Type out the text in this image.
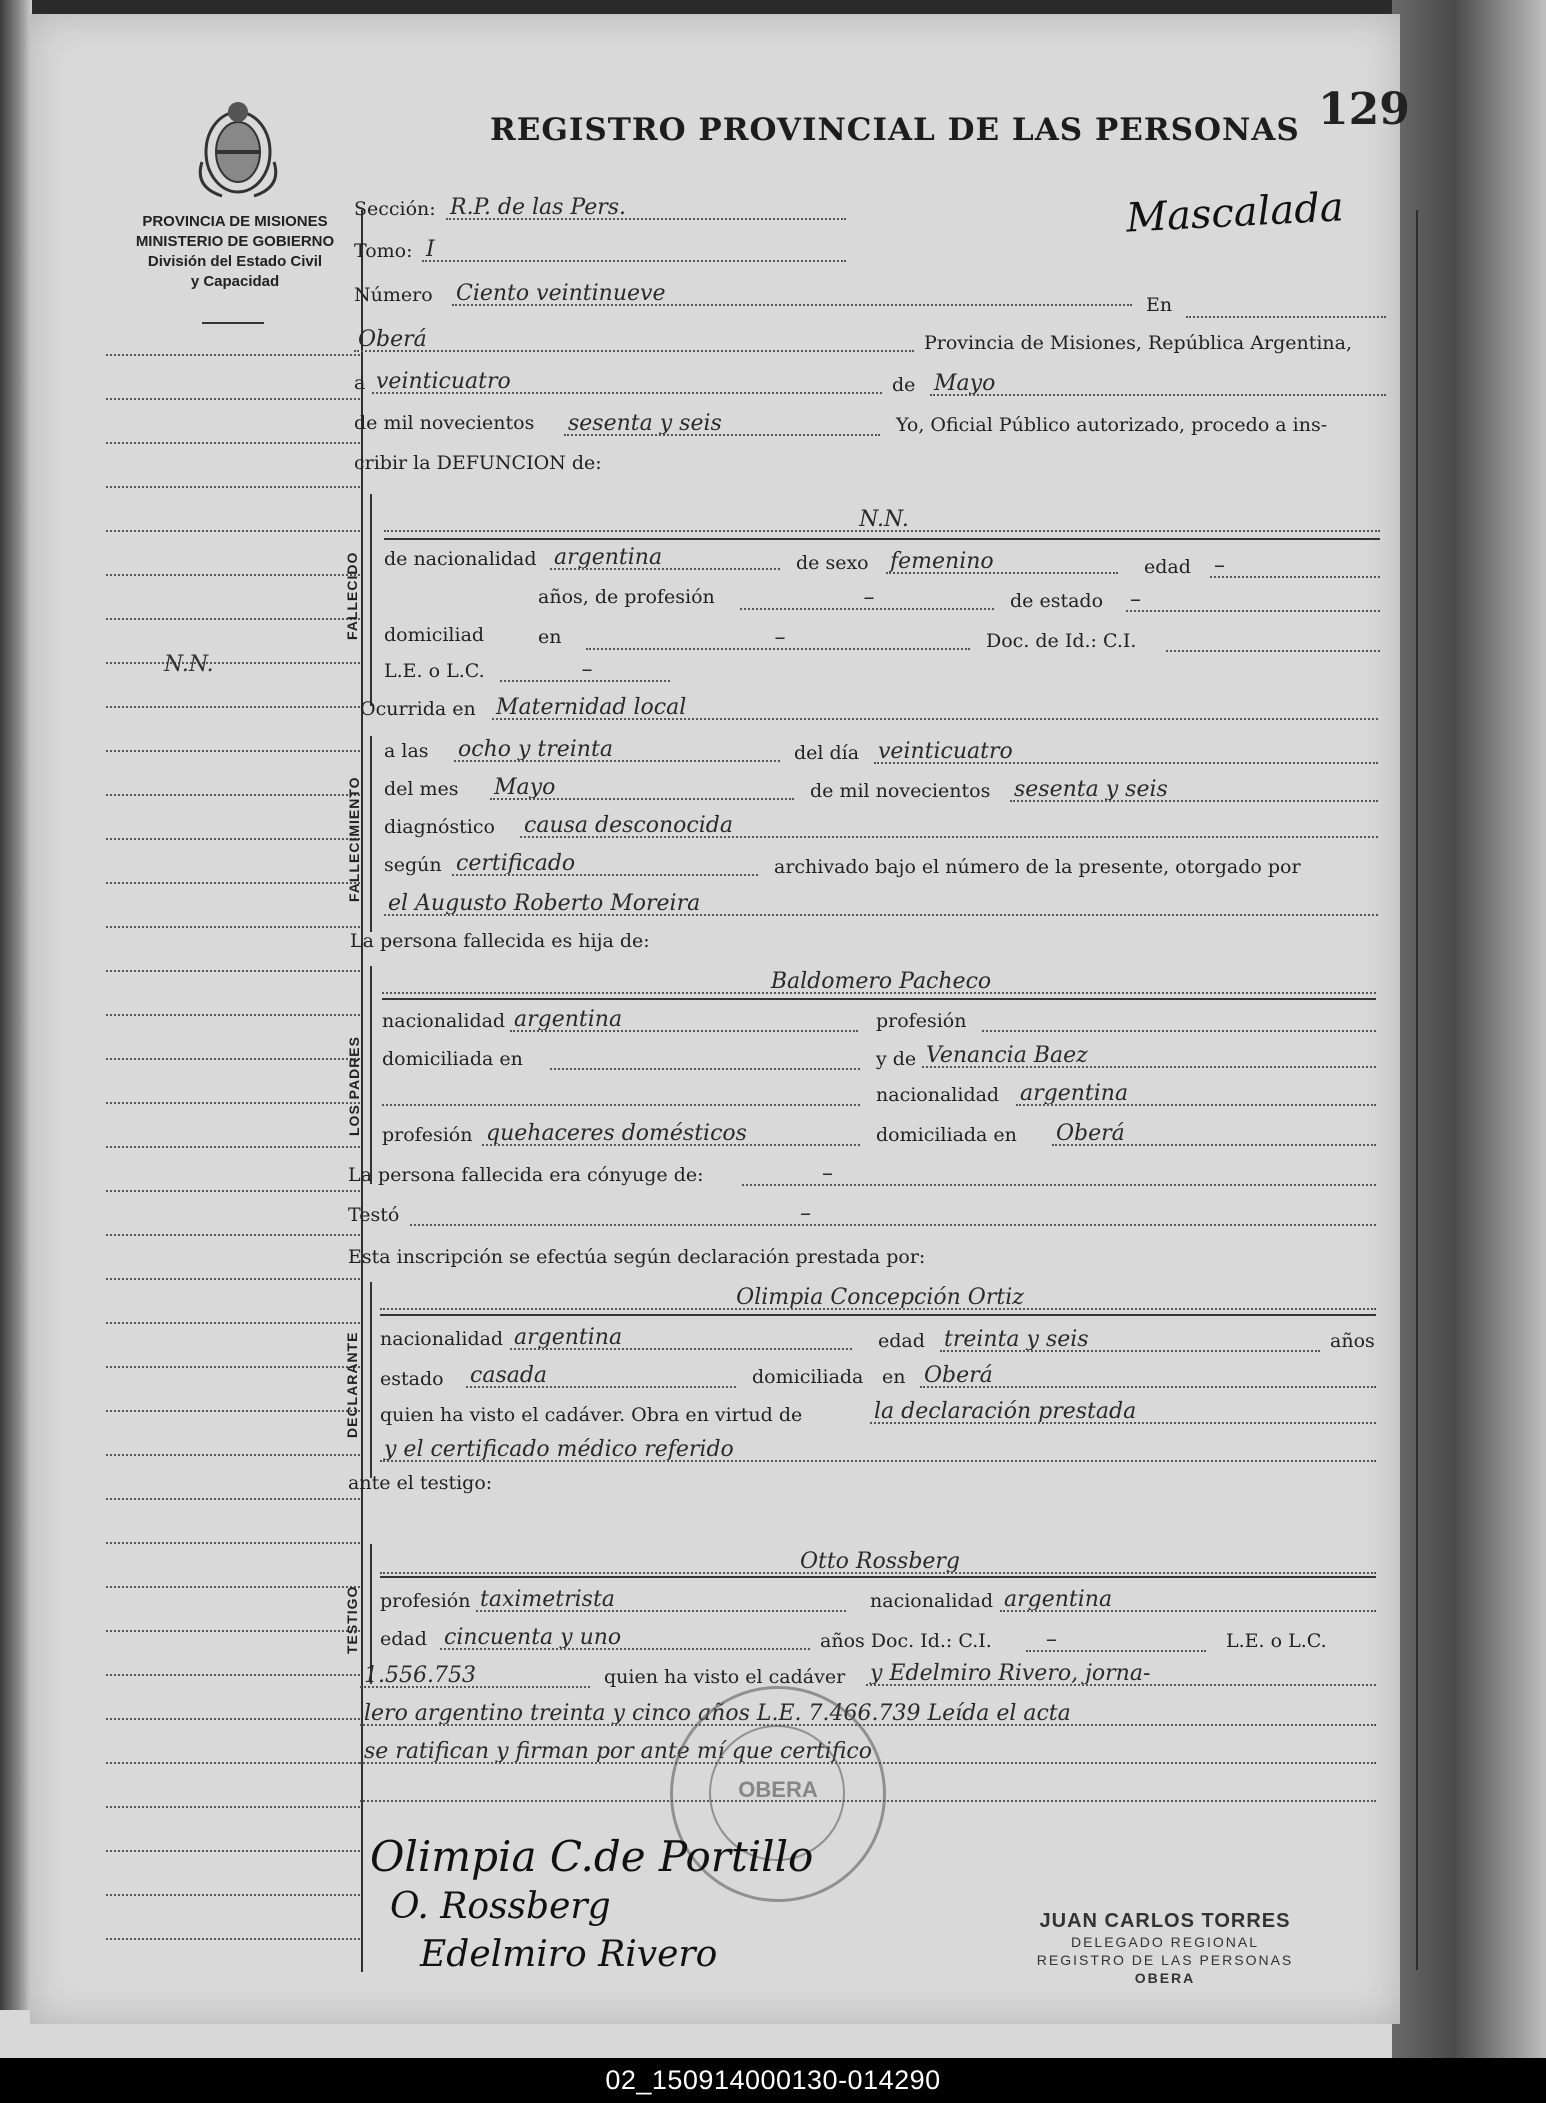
129
REGISTRO PROVINCIAL DE LAS PERSONAS
PROVINCIA DE MISIONES
MINISTERIO DE GOBIERNO
División del Estado Civil
y Capacidad
Mascalada
N.N.
Sección: R.P. de las Pers.
Tomo: I
Número Ciento veintinueve	En
Oberá	Provincia de Misiones, República Argentina,
a veinticuatro	de Mayo
de mil novecientos sesenta y seis	Yo, Oficial Público autorizado, procedo a ins-
cribir la DEFUNCION de:
FALLECIDO
N.N.
de nacionalidad argentina	de sexo femenino	edad –
años, de profesión	–	de estado –
domiciliad	en	–	Doc. de Id.: C.I.
L.E. o L.C.	–
Ocurrida en Maternidad local
FALLECIMIENTO
a las ocho y treinta	del día veinticuatro
del mes Mayo	de mil novecientos sesenta y seis
diagnóstico causa desconocida
según certificado	archivado bajo el número de la presente, otorgado por
el Augusto Roberto Moreira
La persona fallecida es hija de:
LOS PADRES
Baldomero Pacheco
nacionalidad argentina	profesión
domiciliada en	y de Venancia Baez
nacionalidad argentina
profesión quehaceres domésticos	domiciliada en Oberá
La persona fallecida era cónyuge de:	–
Testó	–
Esta inscripción se efectúa según declaración prestada por:
DECLARANTE
Olimpia Concepción Ortiz
nacionalidad argentina	edad treinta y seis	años
estado casada	domiciliada en Oberá
quien ha visto el cadáver. Obra en virtud de	la declaración prestada
y el certificado médico referido
ante el testigo:
TESTIGO
Otto Rossberg
profesión taximetrista	nacionalidad argentina
edad cincuenta y uno	años Doc. Id.: C.I.	–	L.E. o L.C.
1.556.753	quien ha visto el cadáver y Edelmiro Rivero, jorna-
lero argentino treinta y cinco años L.E. 7.466.739 Leída el acta
se ratifican y firman por ante mí que certifico
OBERA
Olimpia C.de Portillo
O. Rossberg
Edelmiro Rivero
JUAN CARLOS TORRES
DELEGADO REGIONAL
REGISTRO DE LAS PERSONAS
OBERA
02_150914000130-014290
